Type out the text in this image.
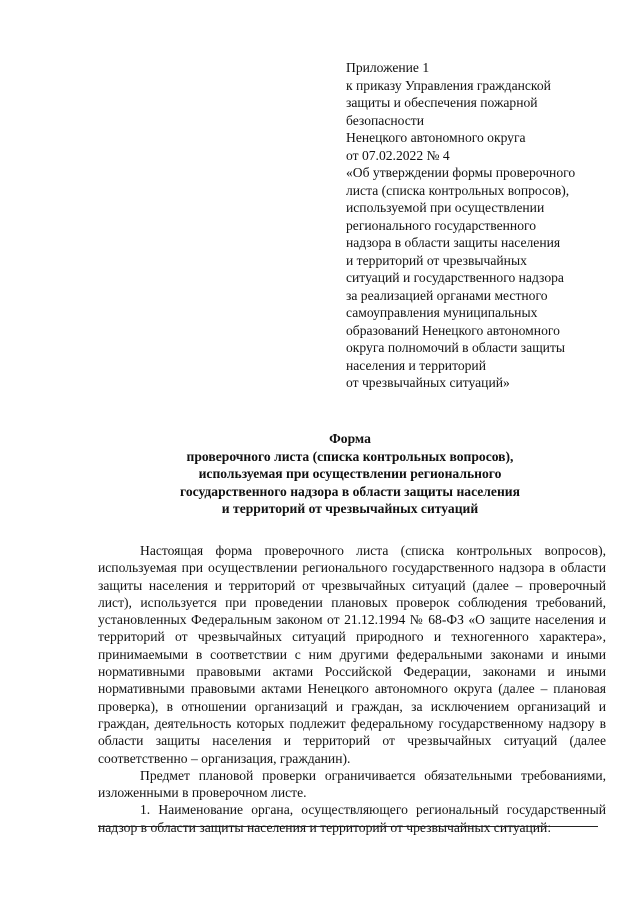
Приложение 1
к приказу Управления гражданской
защиты и обеспечения пожарной
безопасности
Ненецкого автономного округа
от 07.02.2022 № 4
«Об утверждении формы проверочного
листа (списка контрольных вопросов),
используемой при осуществлении
регионального государственного
надзора в области защиты населения
и территорий от чрезвычайных
ситуаций и государственного надзора
за реализацией органами местного
самоуправления муниципальных
образований Ненецкого автономного
округа полномочий в области защиты
населения и территорий
от чрезвычайных ситуаций»
Форма
проверочного листа (списка контрольных вопросов),
используемая при осуществлении регионального
государственного надзора в области защиты населения
и территорий от чрезвычайных ситуаций

Настоящая форма проверочного листа (списка контрольных вопросов), используемая при осуществлении регионального государственного надзора в области защиты населения и территорий от чрезвычайных ситуаций (далее – проверочный лист), используется при проведении плановых проверок соблюдения требований, установленных Федеральным законом от 21.12.1994 № 68-ФЗ «О защите населения и территорий от чрезвычайных ситуаций природного и техногенного характера», принимаемыми в соответствии с ним другими федеральными законами и иными нормативными правовыми актами Российской Федерации, законами и иными нормативными правовыми актами Ненецкого автономного округа (далее – плановая проверка), в отношении организаций и граждан, за исключением организаций и граждан, деятельность которых подлежит федеральному государственному надзору в области защиты населения и территорий от чрезвычайных ситуаций (далее соответственно – организация, гражданин).

Предмет плановой проверки ограничивается обязательными требованиями, изложенными в проверочном листе.

1. Наименование органа, осуществляющего региональный государственный надзор в области защиты населения и территорий от чрезвычайных ситуаций:
